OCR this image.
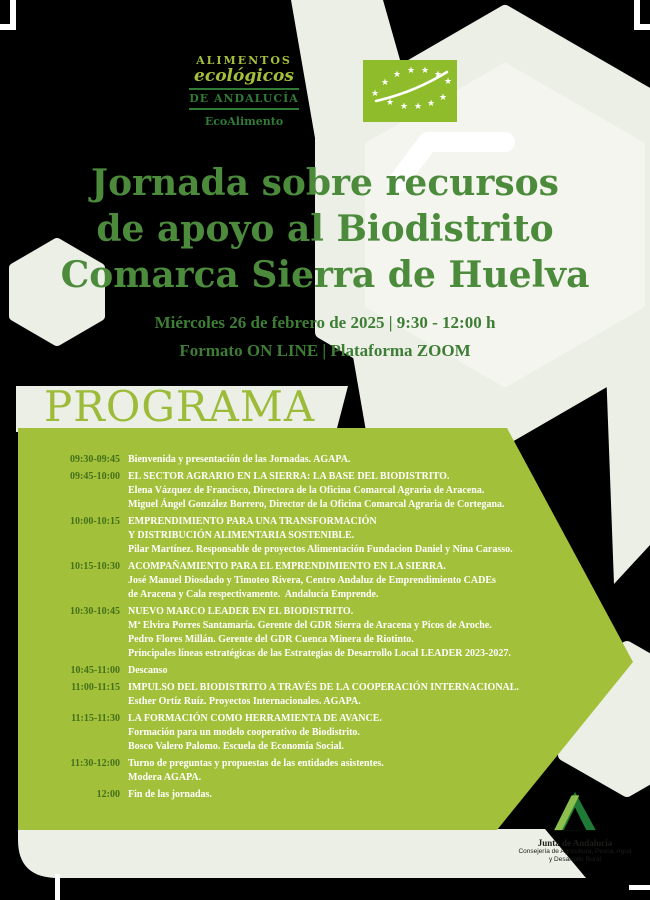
ALIMENTOS
ecológicos
DE ANDALUCÍA
EcoAlimento
★
★
★ ★ ★ ★
★
★ ★ ★ ★
★
Jornada sobre recursos
de apoyo al Biodistrito
Comarca Sierra de Huelva
Miércoles 26 de febrero de 2025 | 9:30 - 12:00 h
Formato ON LINE | Plataforma ZOOM
PROGRAMA
09:30-09:45 Bienvenida y presentación de las Jornadas. AGAPA.
09:45-10:00 EL SECTOR AGRARIO EN LA SIERRA: LA BASE DEL BIODISTRITO.
Elena Vázquez de Francisco, Directora de la Oficina Comarcal Agraria de Aracena.
Miguel Ángel González Borrero, Director de la Oficina Comarcal Agraria de Cortegana.
10:00-10:15 EMPRENDIMIENTO PARA UNA TRANSFORMACIÓN
Y DISTRIBUCIÓN ALIMENTARIA SOSTENIBLE.
Pilar Martínez. Responsable de proyectos Alimentación Fundacion Daniel y Nina Carasso.
10:15-10:30 ACOMPAÑAMIENTO PARA EL EMPRENDIMIENTO EN LA SIERRA.
José Manuel Diosdado y Timoteo Rivera, Centro Andaluz de Emprendimiento CADEs
de Aracena y Cala respectivamente.  Andalucía Emprende.
10:30-10:45 NUEVO MARCO LEADER EN EL BIODISTRITO.
Mª Elvira Porres Santamaría. Gerente del GDR Sierra de Aracena y Picos de Aroche.
Pedro Flores Millán. Gerente del GDR Cuenca Minera de Riotinto.
Principales líneas estratégicas de las Estrategias de Desarrollo Local LEADER 2023-2027.
10:45-11:00 Descanso
11:00-11:15 IMPULSO DEL BIODISTRITO A TRAVÉS DE LA COOPERACIÓN INTERNACIONAL.
Esther Ortíz Ruíz. Proyectos Internacionales. AGAPA.
11:15-11:30 LA FORMACIÓN COMO HERRAMIENTA DE AVANCE.
Formación para un modelo cooperativo de Biodistrito.
Bosco Valero Palomo. Escuela de Economía Social.
11:30-12:00 Turno de preguntas y propuestas de las entidades asistentes.
Modera AGAPA.
12:00 Fin de las jornadas.
Junta de Andalucía
Consejería de Agricultura, Pesca, Agua
y Desarrollo Rural
